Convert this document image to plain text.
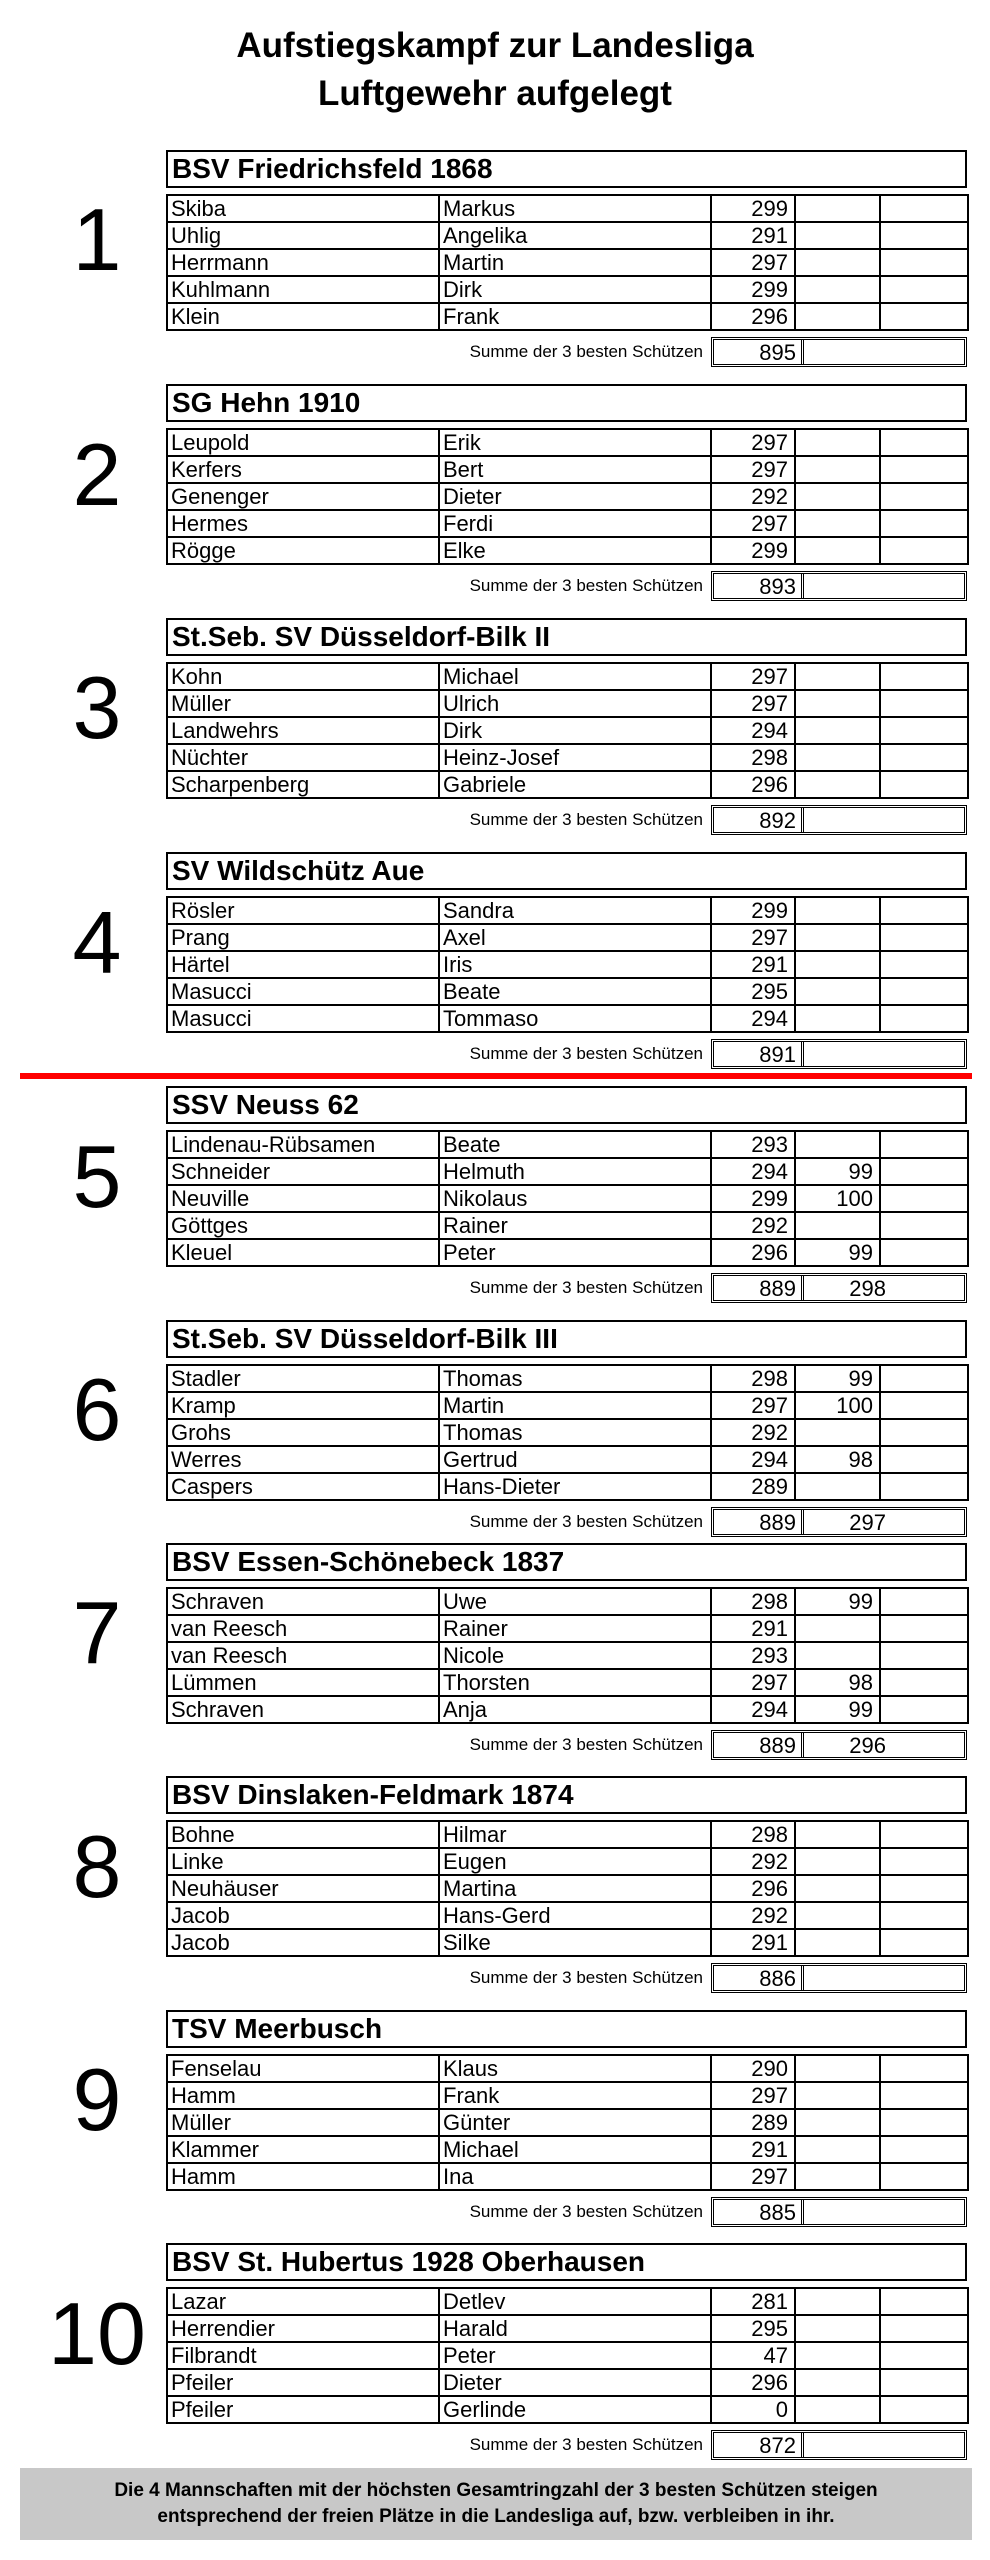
Aufstiegskampf zur Landesliga
Luftgewehr aufgelegt
1
BSV Friedrichsfeld 1868
Skiba	Markus	299		
Uhlig	Angelika	291		
Herrmann	Martin	297		
Kuhlmann	Dirk	299		
Klein	Frank	296		
Summe der 3 besten Schützen	895
2
SG Hehn 1910
Leupold	Erik	297		
Kerfers	Bert	297		
Genenger	Dieter	292		
Hermes	Ferdi	297		
Rögge	Elke	299		
Summe der 3 besten Schützen	893
3
St.Seb. SV Düsseldorf-Bilk II
Kohn	Michael	297		
Müller	Ulrich	297		
Landwehrs	Dirk	294		
Nüchter	Heinz-Josef	298		
Scharpenberg	Gabriele	296		
Summe der 3 besten Schützen	892
4
SV Wildschütz Aue
Rösler	Sandra	299		
Prang	Axel	297		
Härtel	Iris	291		
Masucci	Beate	295		
Masucci	Tommaso	294		
Summe der 3 besten Schützen	891
5
SSV Neuss 62
Lindenau-Rübsamen	Beate	293		
Schneider	Helmuth	294	99	
Neuville	Nikolaus	299	100	
Göttges	Rainer	292		
Kleuel	Peter	296	99	
Summe der 3 besten Schützen	889	298
6
St.Seb. SV Düsseldorf-Bilk III
Stadler	Thomas	298	99	
Kramp	Martin	297	100	
Grohs	Thomas	292		
Werres	Gertrud	294	98	
Caspers	Hans-Dieter	289		
Summe der 3 besten Schützen	889	297
7
BSV Essen-Schönebeck 1837
Schraven	Uwe	298	99	
van Reesch	Rainer	291		
van Reesch	Nicole	293		
Lümmen	Thorsten	297	98	
Schraven	Anja	294	99	
Summe der 3 besten Schützen	889	296
8
BSV Dinslaken-Feldmark 1874
Bohne	Hilmar	298		
Linke	Eugen	292		
Neuhäuser	Martina	296		
Jacob	Hans-Gerd	292		
Jacob	Silke	291		
Summe der 3 besten Schützen	886
9
TSV Meerbusch
Fenselau	Klaus	290		
Hamm	Frank	297		
Müller	Günter	289		
Klammer	Michael	291		
Hamm	Ina	297		
Summe der 3 besten Schützen	885
10
BSV St. Hubertus 1928 Oberhausen
Lazar	Detlev	281		
Herrendier	Harald	295		
Filbrandt	Peter	47		
Pfeiler	Dieter	296		
Pfeiler	Gerlinde	0		
Summe der 3 besten Schützen	872
Die 4 Mannschaften mit der höchsten Gesamtringzahl der 3 besten Schützen steigen
entsprechend der freien Plätze in die Landesliga auf, bzw. verbleiben in ihr.
